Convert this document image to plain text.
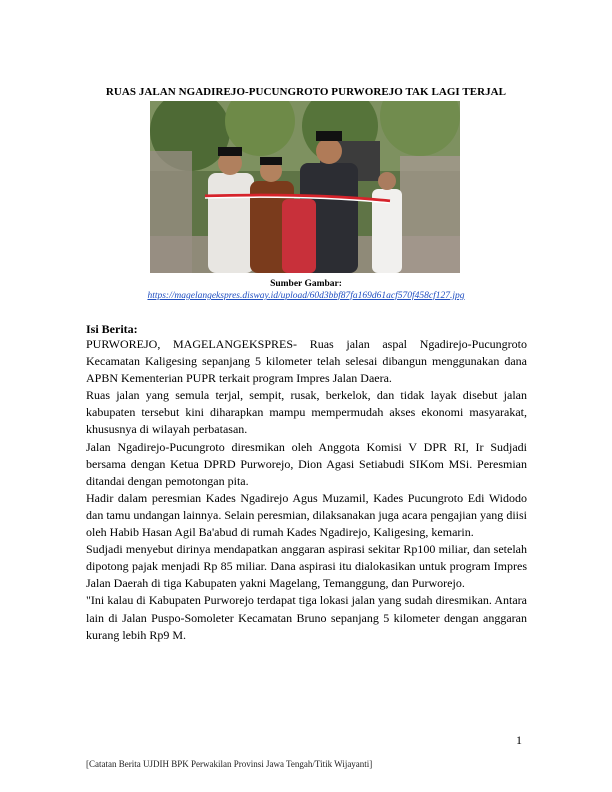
RUAS JALAN NGADIREJO-PUCUNGROTO PURWOREJO TAK LAGI TERJAL
Sumber Gambar:
https://magelangekspres.disway.id/upload/60d3bbf87fa169d61acf570f458cf127.jpg
Isi Berita:

PURWOREJO, MAGELANGEKSPRES- Ruas jalan aspal Ngadirejo-Pucungroto Kecamatan Kaligesing sepanjang 5 kilometer telah selesai dibangun menggunakan dana APBN Kementerian PUPR terkait program Impres Jalan Daera.

Ruas jalan yang semula terjal, sempit, rusak, berkelok, dan tidak layak disebut jalan kabupaten tersebut kini diharapkan mampu mempermudah akses ekonomi masyarakat, khususnya di wilayah perbatasan.

Jalan Ngadirejo-Pucungroto diresmikan oleh Anggota Komisi V DPR RI, Ir Sudjadi bersama dengan Ketua DPRD Purworejo, Dion Agasi Setiabudi SIKom MSi. Peresmian ditandai dengan pemotongan pita.

Hadir dalam peresmian Kades Ngadirejo Agus Muzamil, Kades Pucungroto Edi Widodo dan tamu undangan lainnya. Selain peresmian, dilaksanakan juga acara pengajian yang diisi oleh Habib Hasan Agil Ba'abud di rumah Kades Ngadirejo, Kaligesing, kemarin.

Sudjadi menyebut dirinya mendapatkan anggaran aspirasi sekitar Rp100 miliar, dan setelah dipotong pajak menjadi Rp 85 miliar. Dana aspirasi itu dialokasikan untuk program Impres Jalan Daerah di tiga Kabupaten yakni Magelang, Temanggung, dan Purworejo.

"Ini kalau di Kabupaten Purworejo terdapat tiga lokasi jalan yang sudah diresmikan. Antara lain di Jalan Puspo-Somoleter Kecamatan Bruno sepanjang 5 kilometer dengan anggaran kurang lebih Rp9 M.

1
[Catatan Berita UJDIH BPK Perwakilan Provinsi Jawa Tengah/Titik Wijayanti]
